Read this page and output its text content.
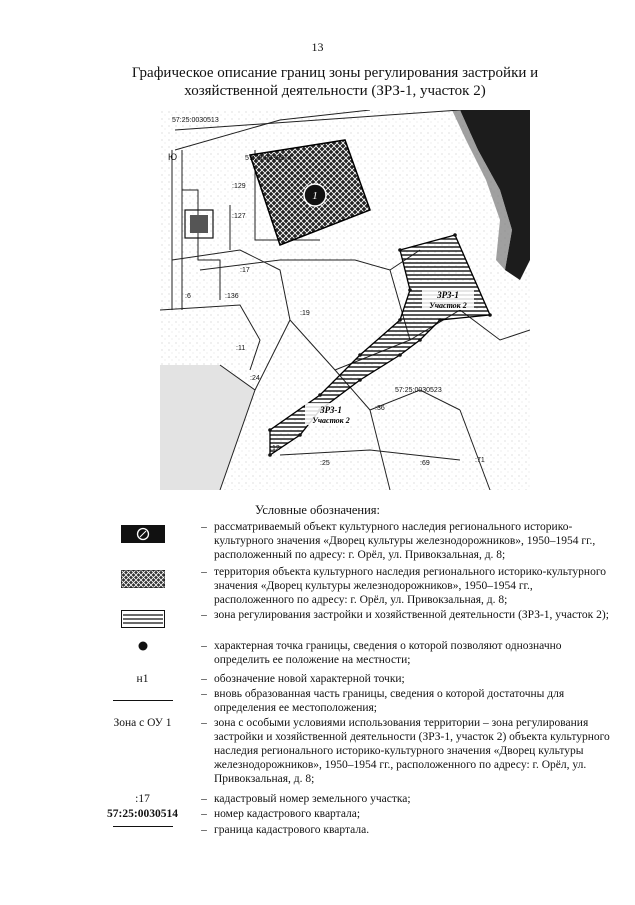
13
Графическое описание границ зоны регулирования застройки и
хозяйственной деятельности (ЗРЗ-1, участок 2)
1
ЗРЗ-1
Участок 2
ЗРЗ-1
Участок 2
57:25:0030513
57:25:0030514
57:25:0030523
Ю
:129
:127
:17
:136
:6
:19
:11
:24
:12
:36
:25	:69	:71
Условные обозначения:
– рассматриваемый объект культурного наследия регионального историко-культурного значения «Дворец культуры железнодорожников», 1950–1954 гг., расположенный по адресу: г. Орёл, ул. Привокзальная, д. 8;
– территория объекта культурного наследия регионального историко-культурного значения «Дворец культуры железнодорожников», 1950–1954 гг., расположенного по адресу: г. Орёл, ул. Привокзальная, д. 8;
– зона регулирования застройки и хозяйственной деятельности (ЗРЗ-1, участок 2);
– характерная точка границы, сведения о которой позволяют однозначно определить ее положение на местности;
н1	– обозначение новой характерной точки;
– вновь образованная часть границы, сведения о которой достаточны для определения ее местоположения;
Зона с ОУ 1	– зона с особыми условиями использования территории – зона регулирования застройки и хозяйственной деятельности (ЗРЗ-1, участок 2) объекта культурного наследия регионального историко-культурного значения «Дворец культуры железнодорожников», 1950–1954 гг., расположенного по адресу: г. Орёл, ул. Привокзальная, д. 8;
:17	– кадастровый номер земельного участка;
57:25:0030514	– номер кадастрового квартала;
– граница кадастрового квартала.
